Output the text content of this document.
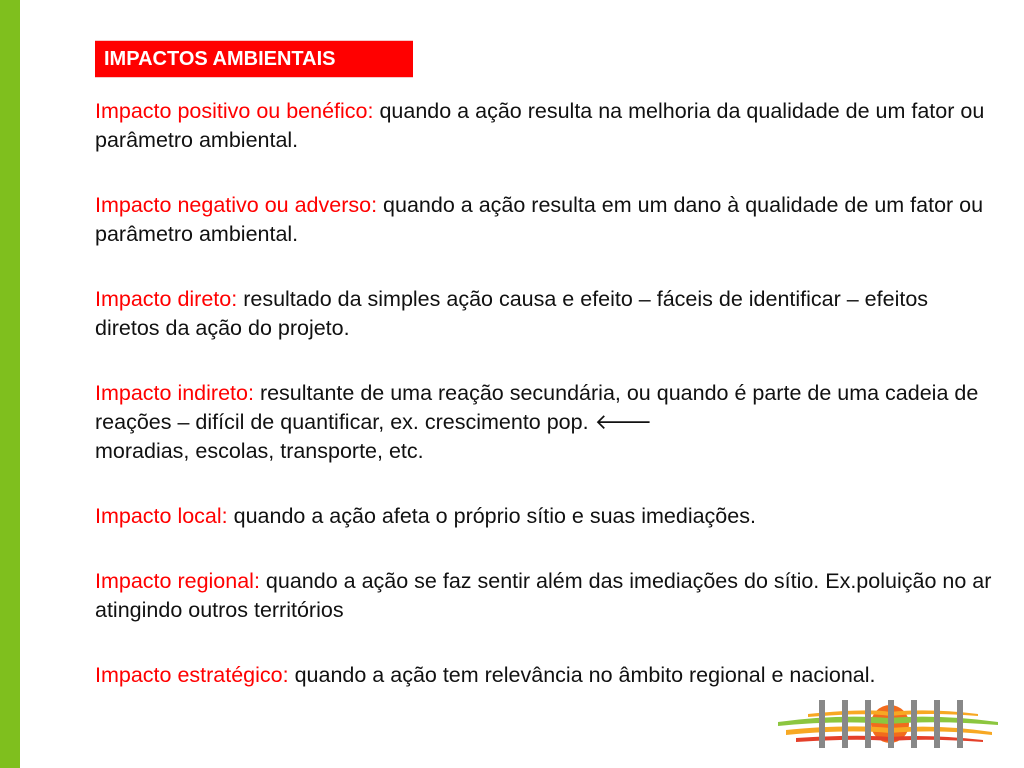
IMPACTOS AMBIENTAIS

Impacto positivo ou benéfico: quando a ação resulta na melhoria da qualidade de um fator ou parâmetro ambiental.

Impacto negativo ou adverso: quando a ação resulta em um dano à qualidade de um fator ou parâmetro ambiental.

Impacto direto: resultado da simples ação causa e efeito – fáceis de identificar – efeitos diretos da ação do projeto.

Impacto indireto: resultante de uma reação secundária, ou quando é parte de uma cadeia de reações – difícil de quantificar, ex. crescimento pop. 🡐
moradias, escolas, transporte, etc.

Impacto local: quando a ação afeta o próprio sítio e suas imediações.

Impacto regional: quando a ação se faz sentir além das imediações do sítio. Ex.poluição no ar atingindo outros territórios

Impacto estratégico: quando a ação tem relevância no âmbito regional e nacional.
